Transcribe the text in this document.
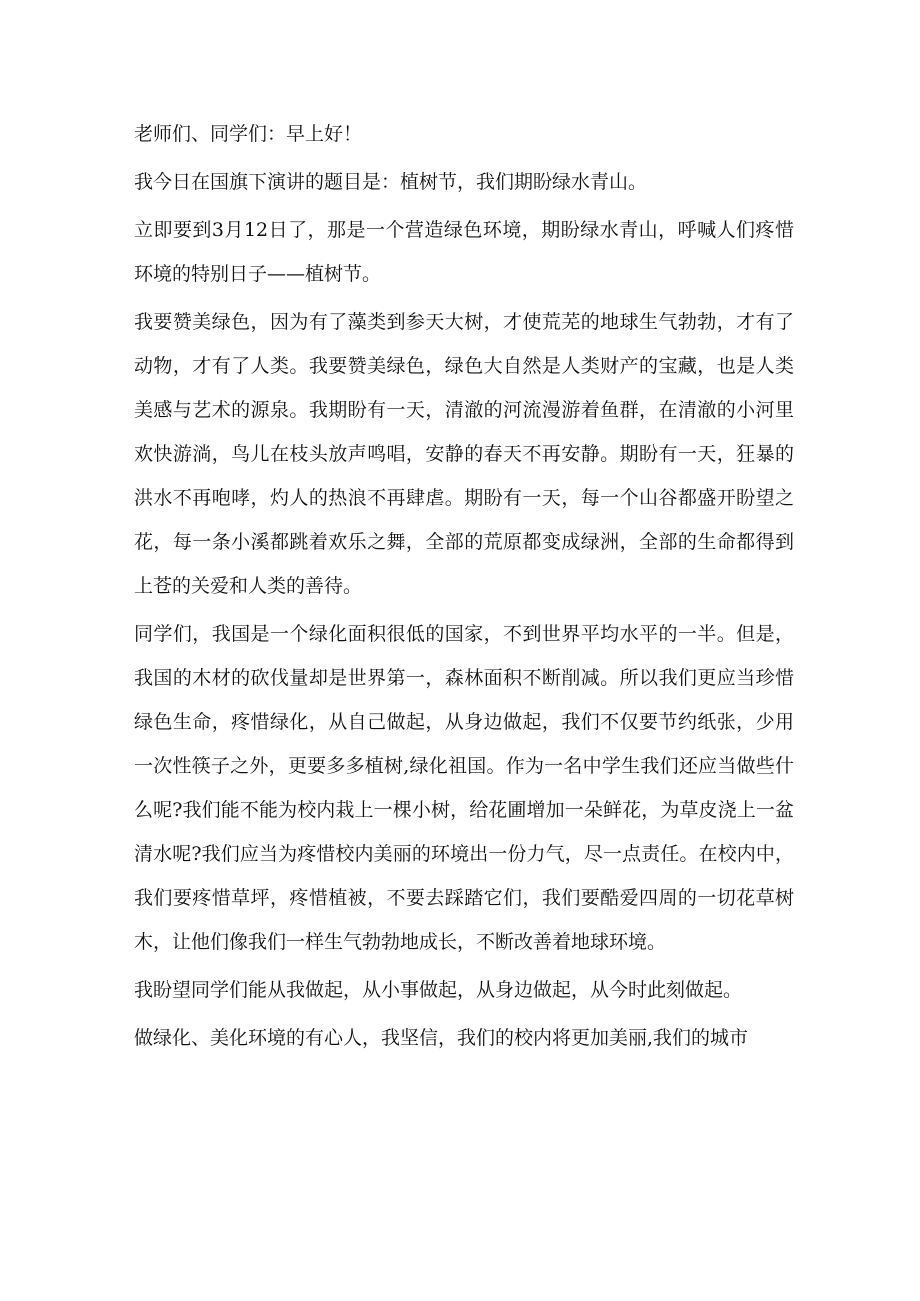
老师们、同学们：早上好！

我今日在国旗下演讲的题目是：植树节，我们期盼绿水青山。

立即要到3月12日了，那是一个营造绿色环境，期盼绿水青山，呼喊人们疼惜环境的特别日子——植树节。

我要赞美绿色，因为有了藻类到参天大树，才使荒芜的地球生气勃勃，才有了动物，才有了人类。我要赞美绿色，绿色大自然是人类财产的宝藏，也是人类美感与艺术的源泉。我期盼有一天，清澈的河流漫游着鱼群，在清澈的小河里欢快游淌，鸟儿在枝头放声鸣唱，安静的春天不再安静。期盼有一天，狂暴的洪水不再咆哮，灼人的热浪不再肆虐。期盼有一天，每一个山谷都盛开盼望之花，每一条小溪都跳着欢乐之舞，全部的荒原都变成绿洲，全部的生命都得到上苍的关爱和人类的善待。

同学们，我国是一个绿化面积很低的国家，不到世界平均水平的一半。但是，我国的木材的砍伐量却是世界第一，森林面积不断削减。所以我们更应当珍惜绿色生命，疼惜绿化，从自己做起，从身边做起，我们不仅要节约纸张，少用一次性筷子之外，更要多多植树,绿化祖国。作为一名中学生我们还应当做些什么呢?我们能不能为校内栽上一棵小树，给花圃增加一朵鲜花，为草皮浇上一盆清水呢?我们应当为疼惜校内美丽的环境出一份力气，尽一点责任。在校内中，我们要疼惜草坪，疼惜植被，不要去踩踏它们，我们要酷爱四周的一切花草树木，让他们像我们一样生气勃勃地成长，不断改善着地球环境。

我盼望同学们能从我做起，从小事做起，从身边做起，从今时此刻做起。

做绿化、美化环境的有心人，我坚信，我们的校内将更加美丽,我们的城市
